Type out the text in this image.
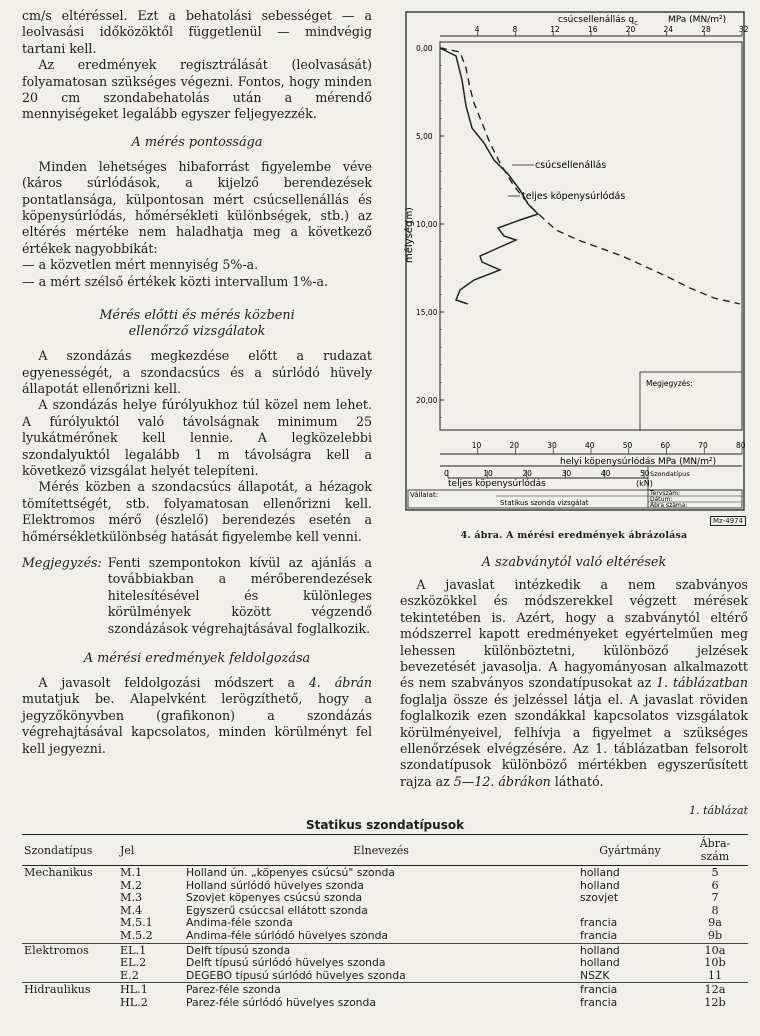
cm/s eltéréssel. Ezt a behatolási sebességet — a leolvasási időközöktől függetlenül — mindvégig tartani kell.

Az eredmények regisztrálását (leolvasását) folyamatosan szükséges végezni. Fontos, hogy minden 20 cm szondabehatolás után a mérendő mennyiségeket legalább egyszer feljegyezzék.

A mérés pontossága

Minden lehetséges hibaforrást figyelembe véve (káros súrlódások, a kijelző berendezések pontatlansága, külpontosan mért csúcsellenállás és köpenysúrlódás, hőmérsékleti különbségek, stb.) az eltérés mértéke nem haladhatja meg a következő értékek nagyobbikát:

— a közvetlen mért mennyiség 5%-a.

— a mért szélső értékek közti intervallum 1%-a.

Mérés előtti és mérés közbeni
ellenőrző vizsgálatok

A szondázás megkezdése előtt a rudazat egyenességét, a szondacsúcs és a súrlódó hüvely állapotát ellenőrizni kell.

A szondázás helye fúrólyukhoz túl közel nem lehet. A fúrólyuktól való távolságnak minimum 25 lyukátmérőnek kell lennie. A legközelebbi szondalyuktól legalább 1 m távolságra kell a következő vizsgálat helyét telepíteni.

Mérés közben a szondacsúcs állapotát, a hézagok tömítettségét, stb. folyamatosan ellenőrizni kell. Elektromos mérő (észlelő) berendezés esetén a hőmérsékletkülönbség hatását figyelembe kell venni.

Megjegyzés: Fenti szempontokon kívül az ajánlás a továbbiakban a mérőberendezések hitelesítésével és különleges körülmények között végzendő szondázások végrehajtásával foglalkozik.
A mérési eredmények feldolgozása

A javasolt feldolgozási módszert a 4. ábrán mutatjuk be. Alapelvként lerögzíthető, hogy a jegyzőkönyvben (grafikonon) a szondázás végrehajtásával kapcsolatos, minden körülményt fel kell jegyezni.

csúcsellenállás $q_c$	MPa (MN/m²)
4	8	12	16	20	24	28	32
0,00
5,00
10,00
15,00
20,00
mélység
(m)
csúcsellenállás
teljes köpenysúrlódás
Megjegyzés:
10	20	30	40	50	60	70	80
helyi köpenysúrlódás MPa (MN/m²)
0	10	20	30	40	50
teljes köpenysúrlódás	(kN)
Szondatípus
Vállalat:	Tervszám:
Dátum:
Ábra száma:
Statikus szonda vizsgálat
Mz-4974
4. ábra. A mérési eredmények ábrázolása
A szabványtól való eltérések

A javaslat intézkedik a nem szabványos eszközökkel és módszerekkel végzett mérések tekintetében is. Azért, hogy a szabványtól eltérő módszerrel kapott eredményeket egyértelműen meg lehessen különböztetni, különböző jelzések bevezetését javasolja. A hagyományosan alkalmazott és nem szabványos szondatípusokat az 1. táblázatban foglalja össze és jelzéssel látja el. A javaslat röviden foglalkozik ezen szondákkal kapcsolatos vizsgálatok körülményeivel, felhívja a figyelmet a szükséges ellenőrzések elvégzésére. Az 1. táblázatban felsorolt szondatípusok különböző mértékben egyszerűsített rajza az 5—12. ábrákon látható.

1. táblázat
Statikus szondatípusok
Szondatípus	Jel	Elnevezés	Gyártmány	Ábra-
szám
Mechanikus	M.1	Holland ún. „köpenyes csúcsú" szonda	holland	5
	M.2	Holland súrlódó hüvelyes szonda	holland	6
	M.3	Szovjet köpenyes csúcsú szonda	szovjet	7
	M.4	Egyszerű csúccsal ellátott szonda		8
	M.5.1	Andima-féle szonda	francia	9a
	M.5.2	Andima-féle súrlódó hüvelyes szonda	francia	9b
Elektromos	EL.1	Delft típusú szonda	holland	10a
	EL.2	Delft típusú súrlódó hüvelyes szonda	holland	10b
	E.2	DEGEBO típusú súrlódó hüvelyes szonda	NSZK	11
Hidraulikus	HL.1	Parez-féle szonda	francia	12a
	HL.2	Parez-féle súrlódó hüvelyes szonda	francia	12b
